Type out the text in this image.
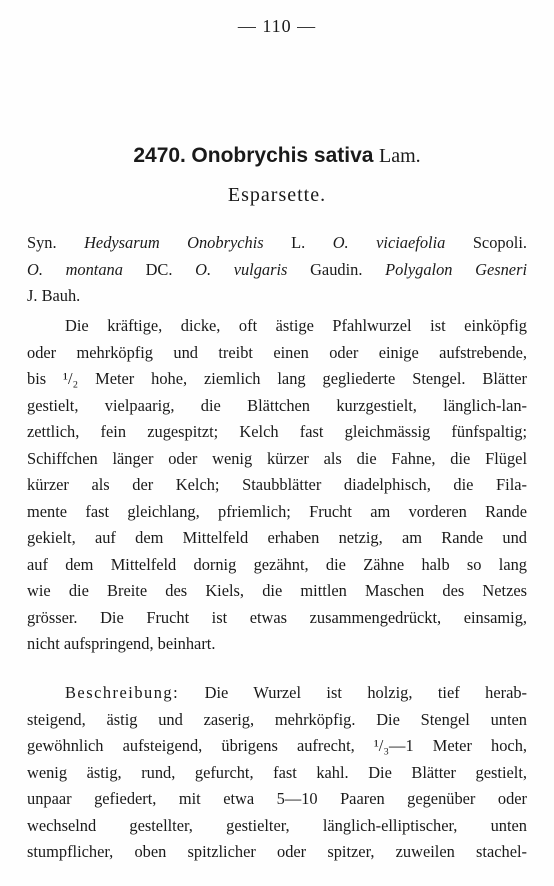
— 110 —
2470. Onobrychis sativa Lam.
Esparsette.
Syn. Hedysarum Onobrychis L. O. viciaefolia Scopoli.
O. montana DC. O. vulgaris Gaudin. Polygalon Gesneri
J. Bauh.
Die kräftige, dicke, oft ästige Pfahlwurzel ist einköpfig
oder mehrköpfig und treibt einen oder einige aufstrebende,
bis ¹/₂ Meter hohe, ziemlich lang gegliederte Stengel. Blätter
gestielt, vielpaarig, die Blättchen kurzgestielt, länglich-lan-
zettlich, fein zugespitzt; Kelch fast gleichmässig fünfspaltig;
Schiffchen länger oder wenig kürzer als die Fahne, die Flügel
kürzer als der Kelch; Staubblätter diadelphisch, die Fila-
mente fast gleichlang, pfriemlich; Frucht am vorderen Rande
gekielt, auf dem Mittelfeld erhaben netzig, am Rande und
auf dem Mittelfeld dornig gezähnt, die Zähne halb so lang
wie die Breite des Kiels, die mittlen Maschen des Netzes
grösser. Die Frucht ist etwas zusammengedrückt, einsamig,
nicht aufspringend, beinhart.
Beschreibung: Die Wurzel ist holzig, tief herab-
steigend, ästig und zaserig, mehrköpfig. Die Stengel unten
gewöhnlich aufsteigend, übrigens aufrecht, ¹/₃—1 Meter hoch,
wenig ästig, rund, gefurcht, fast kahl. Die Blätter gestielt,
unpaar gefiedert, mit etwa 5—10 Paaren gegenüber oder
wechselnd gestellter, gestielter, länglich-elliptischer, unten
stumpflicher, oben spitzlicher oder spitzer, zuweilen stachel-
